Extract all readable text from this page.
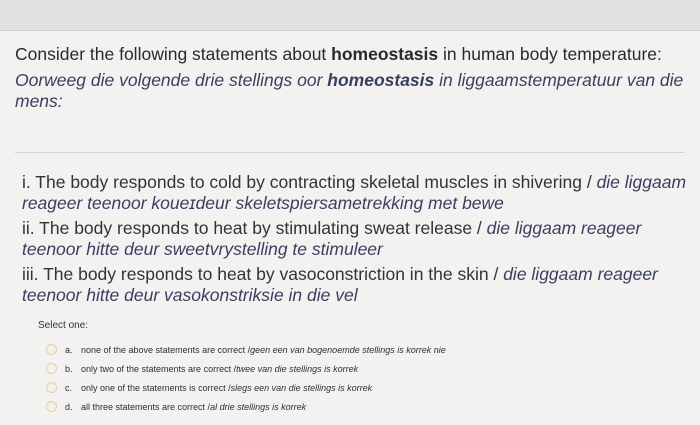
Consider the following statements about homeostasis in human body temperature:
Oorweeg die volgende drie stellings oor homeostasis in liggaamstemperatuur van die mens:
i. The body responds to cold by contracting skeletal muscles in shivering / die liggaam reageer teenoor koueɪdeur skeletspiersametrekking met bewe
ii. The body responds to heat by stimulating sweat release / die liggaam reageer teenoor hitte deur sweetvrystelling te stimuleer
iii. The body responds to heat by vasoconstriction in the skin / die liggaam reageer teenoor hitte deur vasokonstriksie in die vel
Select one:
a. none of the above statements are correct / geen een van bogenoemde stellings is korrek nie
b. only two of the statements are correct / twee van die stellings is korrek
c. only one of the statements is correct / slegs een van die stellings is korrek
d. all three statements are correct / al drie stellings is korrek
